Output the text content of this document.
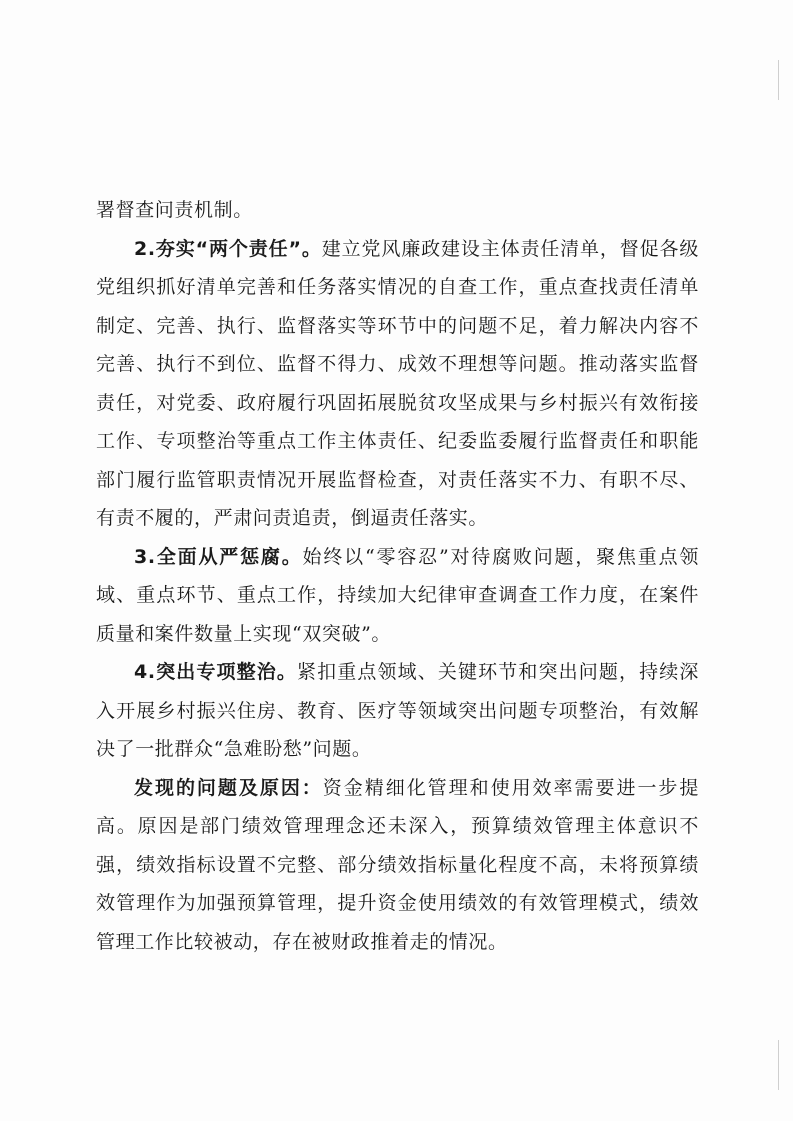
署督查问责机制。

2.夯实“两个责任”。建立党风廉政建设主体责任清单，督促各级党组织抓好清单完善和任务落实情况的自查工作，重点查找责任清单制定、完善、执行、监督落实等环节中的问题不足，着力解决内容不完善、执行不到位、监督不得力、成效不理想等问题。推动落实监督责任，对党委、政府履行巩固拓展脱贫攻坚成果与乡村振兴有效衔接工作、专项整治等重点工作主体责任、纪委监委履行监督责任和职能部门履行监管职责情况开展监督检查，对责任落实不力、有职不尽、有责不履的，严肃问责追责，倒逼责任落实。

3.全面从严惩腐。始终以“零容忍”对待腐败问题，聚焦重点领域、重点环节、重点工作，持续加大纪律审查调查工作力度，在案件质量和案件数量上实现“双突破”。

4.突出专项整治。紧扣重点领域、关键环节和突出问题，持续深入开展乡村振兴住房、教育、医疗等领域突出问题专项整治，有效解决了一批群众“急难盼愁”问题。

发现的问题及原因：资金精细化管理和使用效率需要进一步提高。原因是部门绩效管理理念还未深入，预算绩效管理主体意识不强，绩效指标设置不完整、部分绩效指标量化程度不高，未将预算绩效管理作为加强预算管理，提升资金使用绩效的有效管理模式，绩效管理工作比较被动，存在被财政推着走的情况。
